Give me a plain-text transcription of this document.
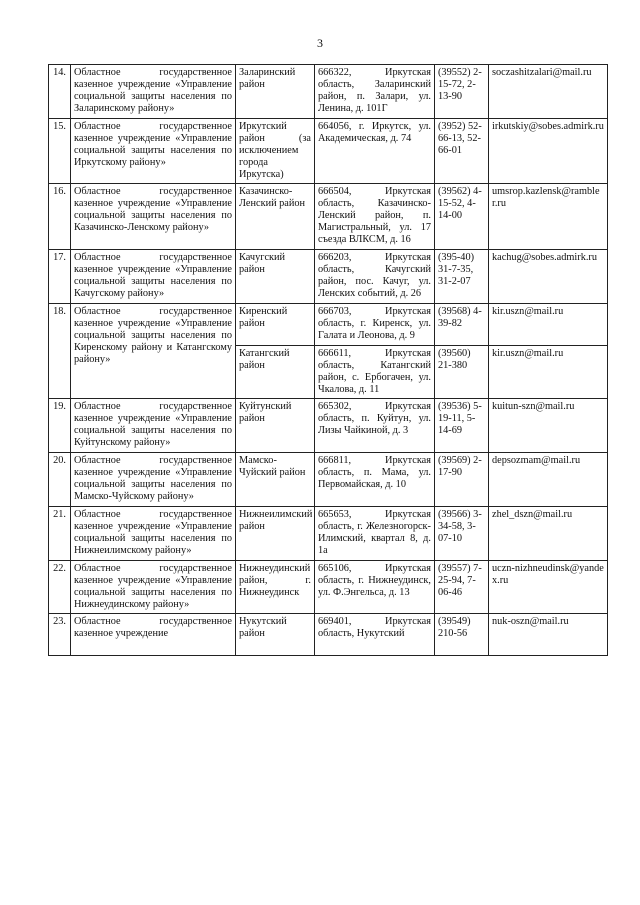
3
14.	Областное государственное казенное учреждение «Управление социальной защиты населения по Заларинскому району»	Заларинский район	666322, Иркутская область, Заларинский район, п. Залари, ул. Ленина, д. 101Г	(39552) 2-15-72, 2-13-90	soczashitzalari@mail.ru
15.	Областное государственное казенное учреждение «Управление социальной защиты населения по Иркутскому району»	Иркутский район (за исключением города Иркутска)	664056, г. Иркутск, ул. Академическая, д. 74	(3952) 52-66-13, 52-66-01	irkutskiy@sobes.admirk.ru
16.	Областное государственное казенное учреждение «Управление социальной защиты населения по Казачинско-Ленскому району»	Казачинско-Ленский район	666504, Иркутская область, Казачинско-Ленский район, п. Магистральный, ул. 17 съезда ВЛКСМ, д. 16	(39562) 4-15-52, 4-14-00	umsrop.kazlensk@rambler.ru
17.	Областное государственное казенное учреждение «Управление социальной защиты населения по Качугскому району»	Качугский район	666203, Иркутская область, Качугский район, пос. Качуг, ул. Ленских событий, д. 26	(395-40) 31-7-35, 31-2-07	kachug@sobes.admirk.ru
18.	Областное государственное казенное учреждение «Управление социальной защиты населения по Киренскому району и Катангскому району»	Киренский район	666703, Иркутская область, г. Киренск, ул. Галата и Леонова, д. 9	(39568) 4-39-82	kir.uszn@mail.ru
		Катангский район	666611, Иркутская область, Катангский район, с. Ербогачен, ул. Чкалова, д. 11	(39560) 21-380	kir.uszn@mail.ru
19.	Областное государственное казенное учреждение «Управление социальной защиты населения по Куйтунскому району»	Куйтунский район	665302, Иркутская область, п. Куйтун, ул. Лизы Чайкиной, д. 3	(39536) 5-19-11, 5-14-69	kuitun-szn@mail.ru
20.	Областное государственное казенное учреждение «Управление социальной защиты населения по Мамско-Чуйскому району»	Мамско-Чуйский район	666811, Иркутская область, п. Мама, ул. Первомайская, д. 10	(39569) 2-17-90	depsozmam@mail.ru
21.	Областное государственное казенное учреждение «Управление социальной защиты населения по Нижнеилимскому району»	Нижнеилимский район	665653, Иркутская область, г. Железногорск-Илимский, квартал 8, д. 1а	(39566) 3-34-58, 3-07-10	zhel_dszn@mail.ru
22.	Областное государственное казенное учреждение «Управление социальной защиты населения по Нижнеудинскому району»	Нижнеудинский район, г. Нижнеудинск	665106, Иркутская область, г. Нижнеудинск, ул. Ф.Энгельса, д. 13	(39557) 7-25-94, 7-06-46	uczn-nizhneudinsk@yandex.ru
23.	Областное государственное казенное учреждение	Нукутский район	669401, Иркутская область, Нукутский	(39549) 210-56	nuk-oszn@mail.ru
